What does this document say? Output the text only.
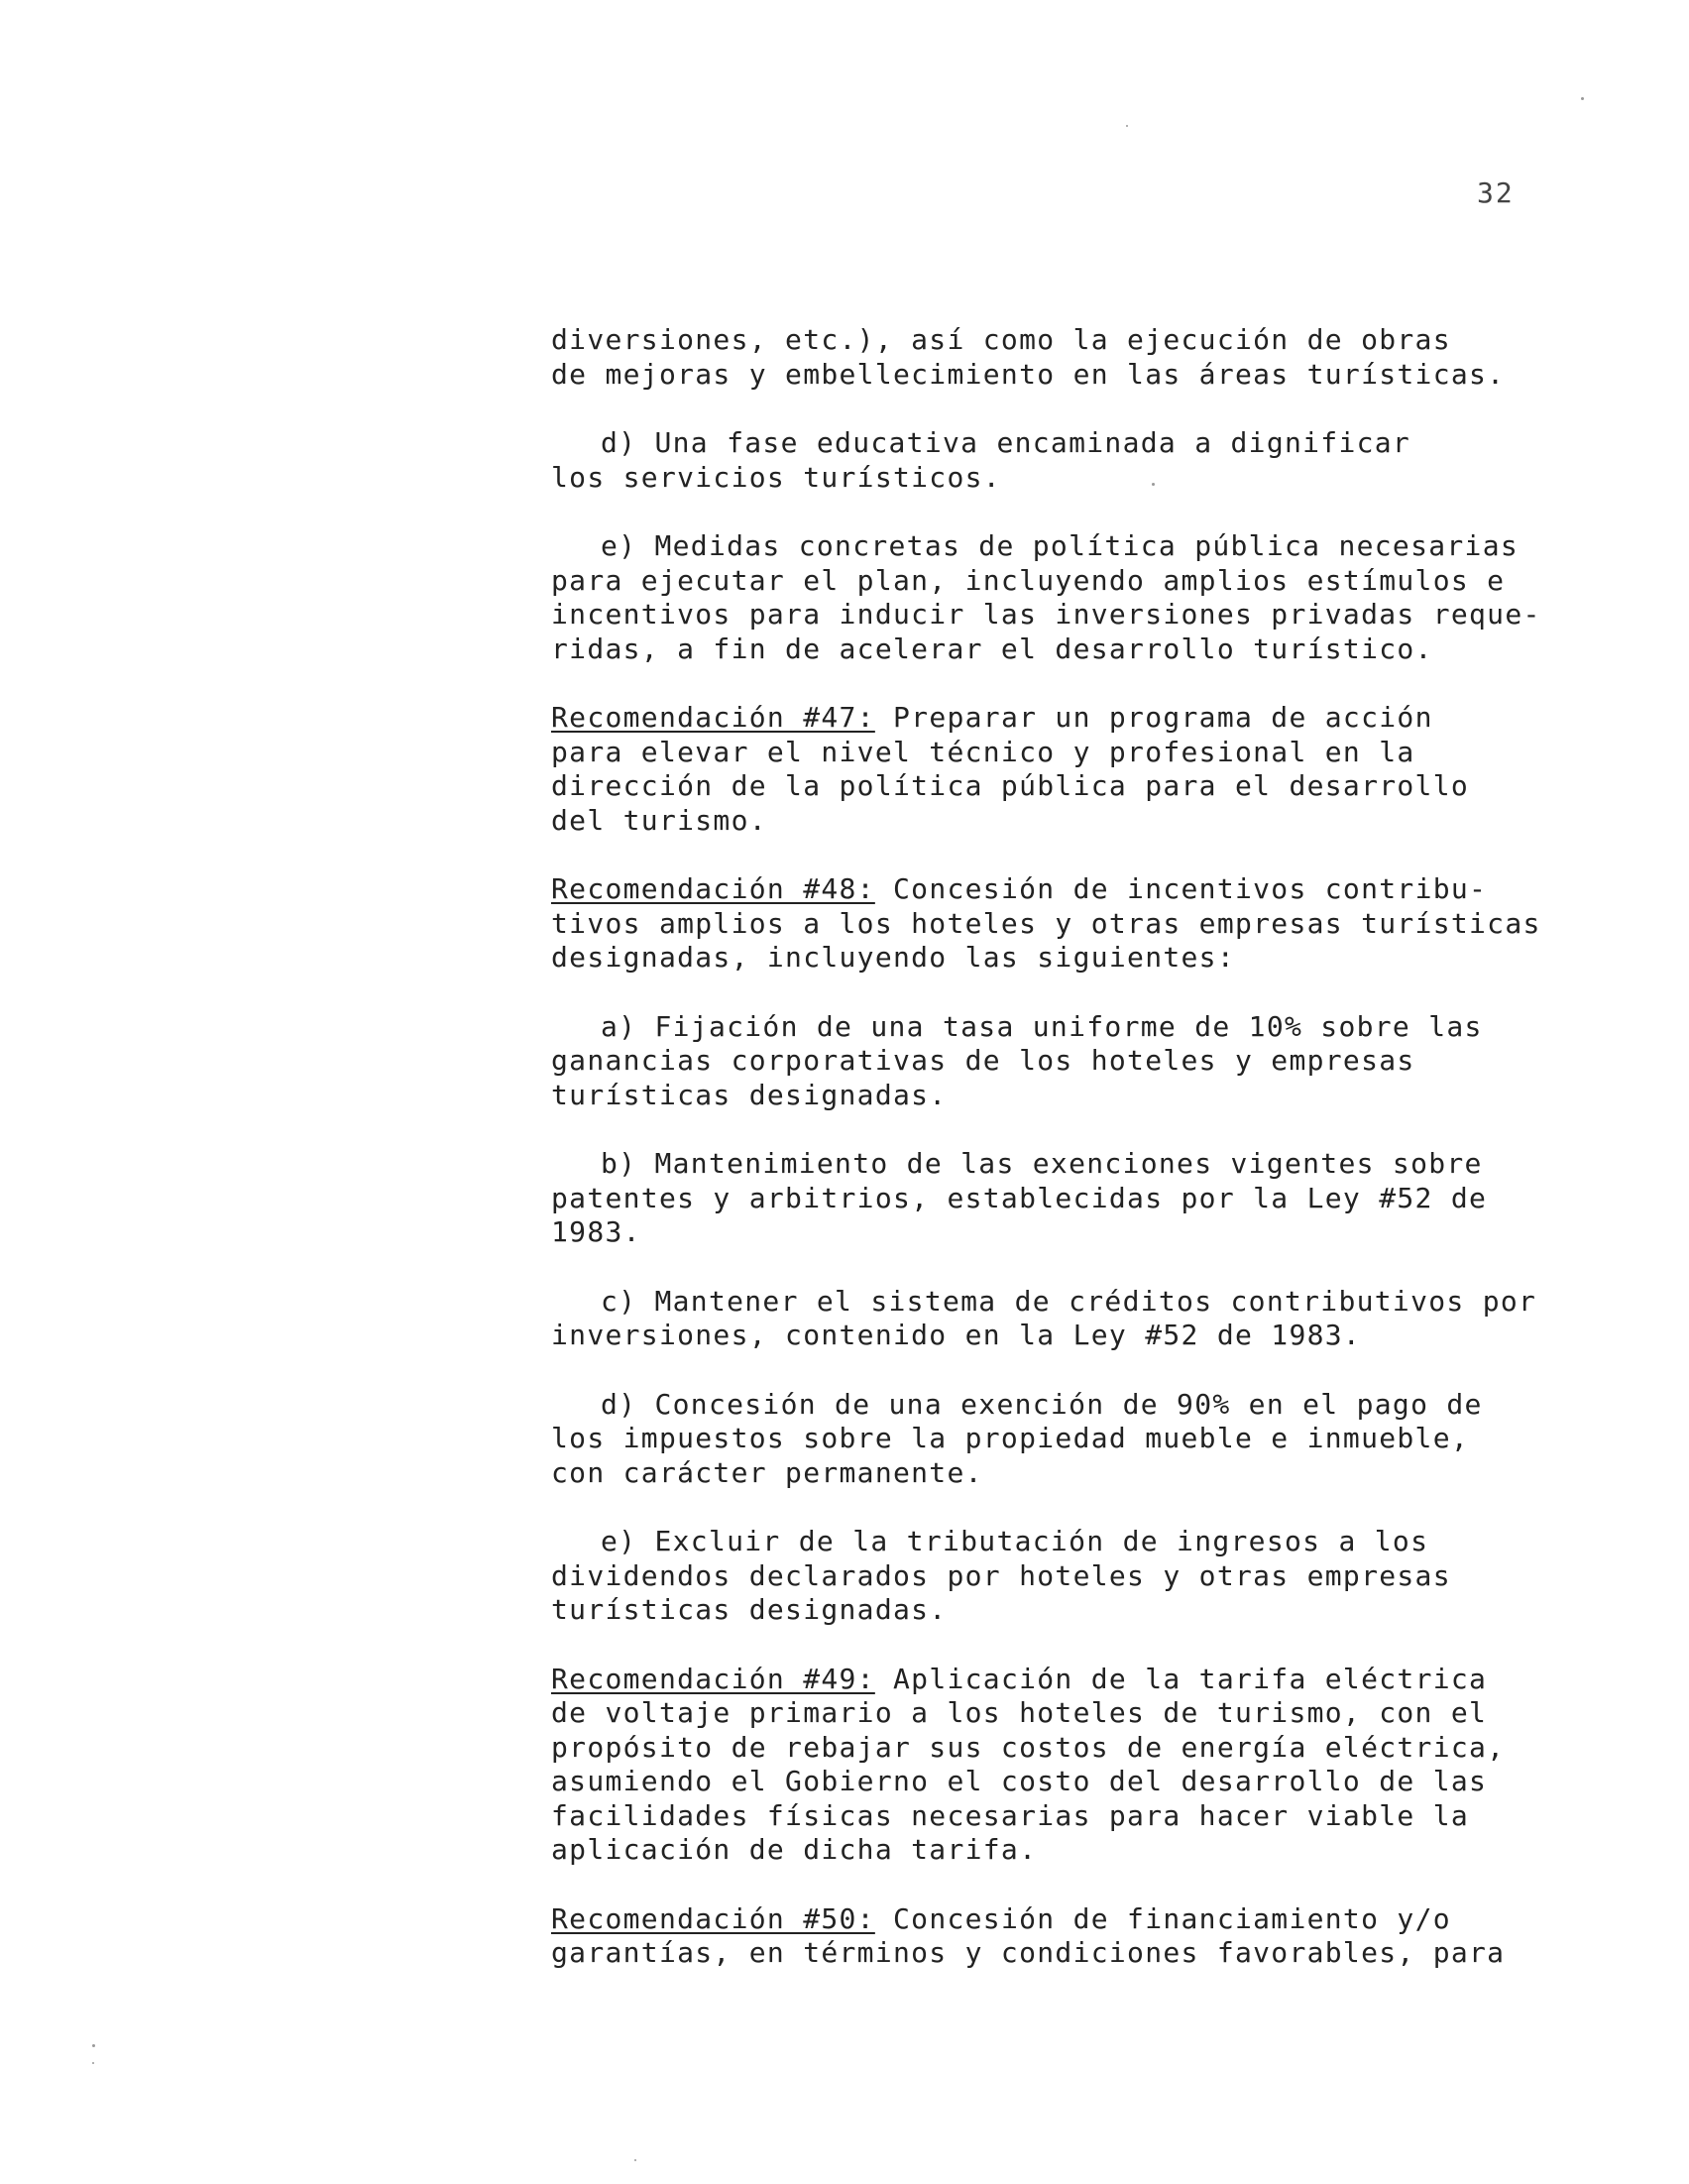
32

diversiones, etc.), así como la ejecución de obras
de mejoras y embellecimiento en las áreas turísticas.

d) Una fase educativa encaminada a dignificar
los servicios turísticos.

e) Medidas concretas de política pública necesarias
para ejecutar el plan, incluyendo amplios estímulos e
incentivos para inducir las inversiones privadas reque-
ridas, a fin de acelerar el desarrollo turístico.

Recomendación #47: Preparar un programa de acción
para elevar el nivel técnico y profesional en la
dirección de la política pública para el desarrollo
del turismo.

Recomendación #48: Concesión de incentivos contribu-
tivos amplios a los hoteles y otras empresas turísticas
designadas, incluyendo las siguientes:

a) Fijación de una tasa uniforme de 10% sobre las
ganancias corporativas de los hoteles y empresas
turísticas designadas.

b) Mantenimiento de las exenciones vigentes sobre
patentes y arbitrios, establecidas por la Ley #52 de
1983.

c) Mantener el sistema de créditos contributivos por
inversiones, contenido en la Ley #52 de 1983.

d) Concesión de una exención de 90% en el pago de
los impuestos sobre la propiedad mueble e inmueble,
con carácter permanente.

e) Excluir de la tributación de ingresos a los
dividendos declarados por hoteles y otras empresas
turísticas designadas.

Recomendación #49: Aplicación de la tarifa eléctrica
de voltaje primario a los hoteles de turismo, con el
propósito de rebajar sus costos de energía eléctrica,
asumiendo el Gobierno el costo del desarrollo de las
facilidades físicas necesarias para hacer viable la
aplicación de dicha tarifa.

Recomendación #50: Concesión de financiamiento y/o
garantías, en términos y condiciones favorables, para
